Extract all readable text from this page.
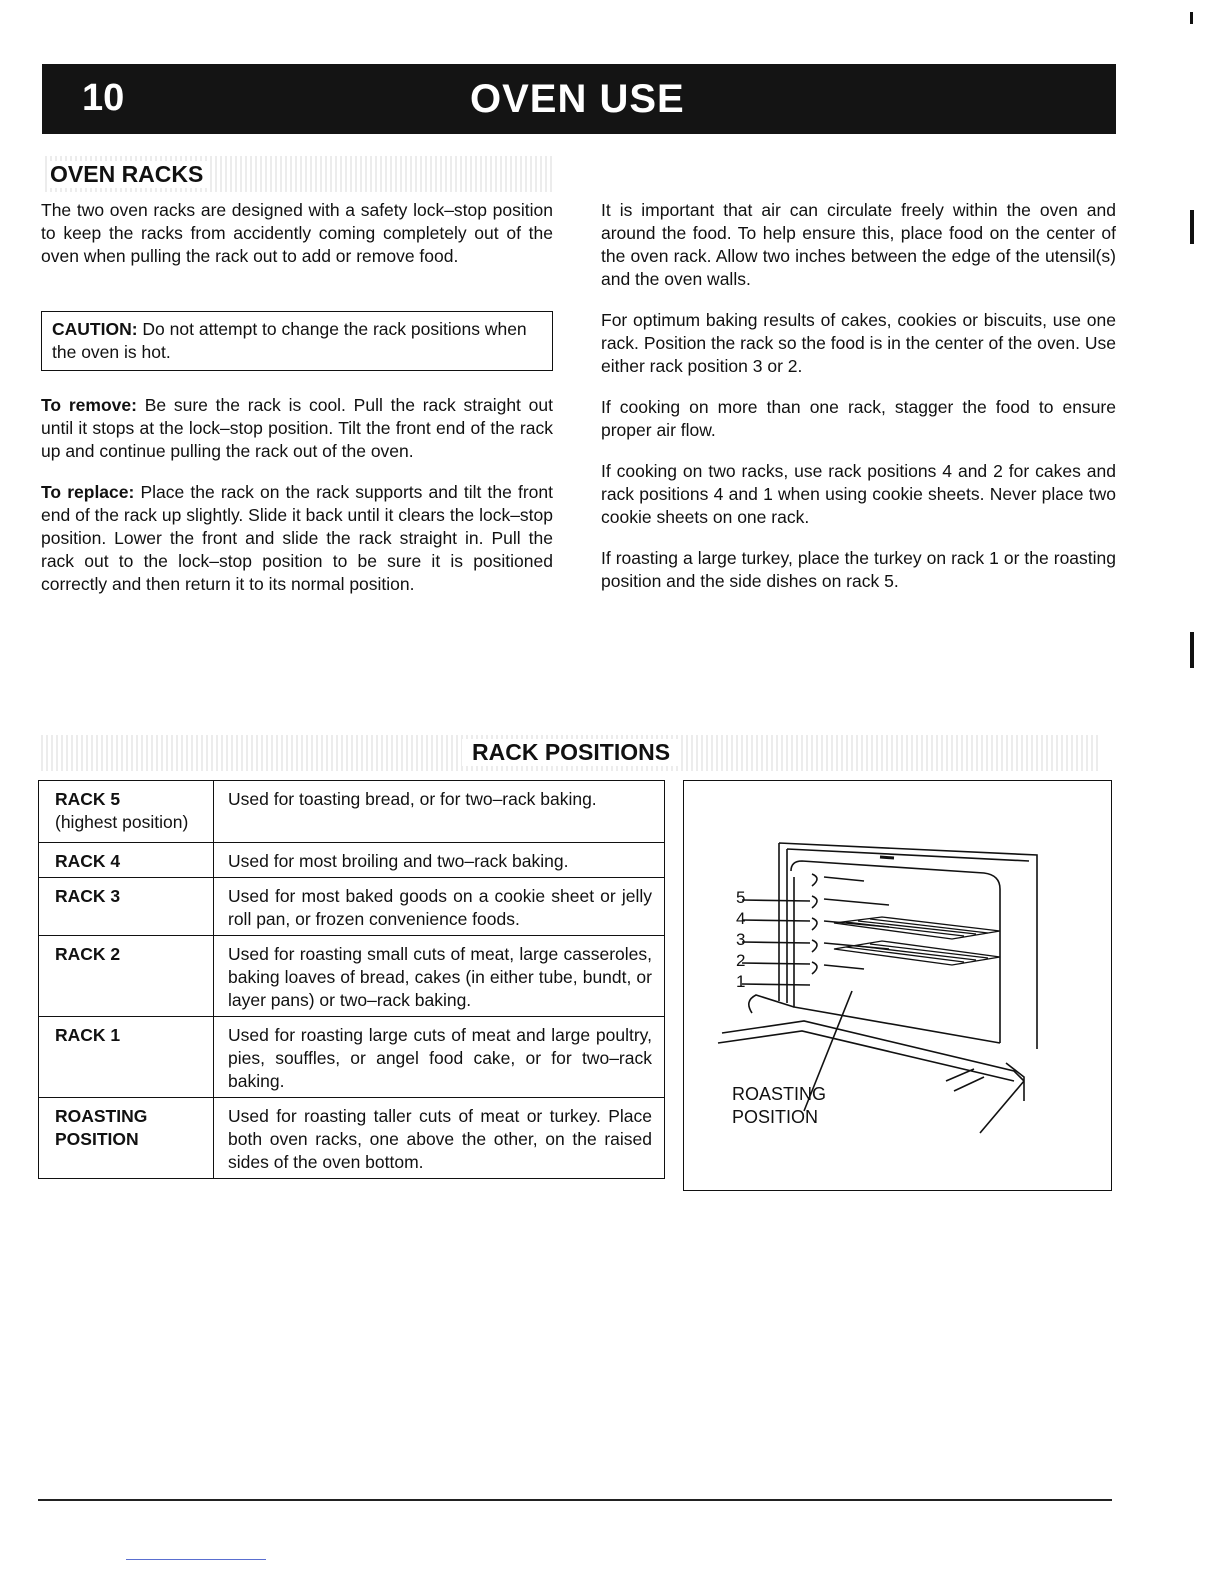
10	OVEN USE
OVEN RACKS

The two oven racks are designed with a safety lock–stop position to keep the racks from accidently coming completely out of the oven when pulling the rack out to add or remove food.

CAUTION: Do not attempt to change the rack positions when the oven is hot.

To remove: Be sure the rack is cool. Pull the rack straight out until it stops at the lock–stop position. Tilt the front end of the rack up and continue pulling the rack out of the oven.

To replace: Place the rack on the rack supports and tilt the front end of the rack up slightly. Slide it back until it clears the lock–stop position. Lower the front and slide the rack straight in. Pull the rack out to the lock–stop position to be sure it is positioned correctly and then return it to its normal position.

It is important that air can circulate freely within the oven and around the food. To help ensure this, place food on the center of the oven rack. Allow two inches between the edge of the utensil(s) and the oven walls.

For optimum baking results of cakes, cookies or biscuits, use one rack. Position the rack so the food is in the center of the oven. Use either rack position 3 or 2.

If cooking on more than one rack, stagger the food to ensure proper air flow.

If cooking on two racks, use rack positions 4 and 2 for cakes and rack positions 4 and 1 when using cookie sheets. Never place two cookie sheets on one rack.

If roasting a large turkey, place the turkey on rack 1 or the roasting position and the side dishes on rack 5.

RACK POSITIONS
RACK 5
(highest position)	Used for toasting bread, or for two–rack baking.
RACK 4	Used for most broiling and two–rack baking.
RACK 3	Used for most baked goods on a cookie sheet or jelly roll pan, or frozen convenience foods.
RACK 2	Used for roasting small cuts of meat, large casseroles, baking loaves of bread, cakes (in either tube, bundt, or layer pans) or two–rack baking.
RACK 1	Used for roasting large cuts of meat and large poultry, pies, souffles, or angel food cake, or for two–rack baking.
ROASTING
POSITION	Used for roasting taller cuts of meat or turkey. Place both oven racks, one above the other, on the raised sides of the oven bottom.
5
4
3
2
1
ROASTING
POSITION
